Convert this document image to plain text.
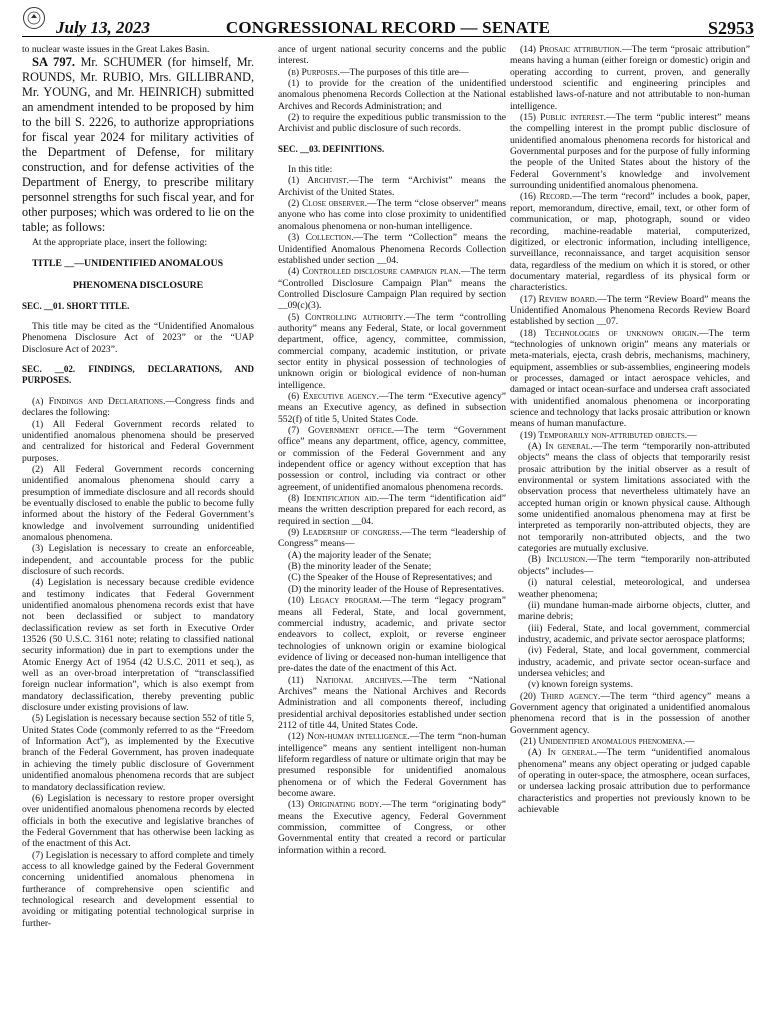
July 13, 2023	CONGRESSIONAL RECORD — SENATE	S2953

to nuclear waste issues in the Great Lakes Basin.

SA 797. Mr. SCHUMER (for himself, Mr. ROUNDS, Mr. RUBIO, Mrs. GILLIBRAND, Mr. YOUNG, and Mr. HEINRICH) submitted an amendment intended to be proposed by him to the bill S. 2226, to authorize appropriations for fiscal year 2024 for military activities of the Department of Defense, for military construction, and for defense activities of the Department of Energy, to prescribe military personnel strengths for such fiscal year, and for other purposes; which was ordered to lie on the table; as follows:

At the appropriate place, insert the following:

TITLE __—UNIDENTIFIED ANOMALOUS

PHENOMENA DISCLOSURE

SEC. __01. SHORT TITLE.

This title may be cited as the “Unidentified Anomalous Phenomena Disclosure Act of 2023” or the “UAP Disclosure Act of 2023”.

SEC. __02. FINDINGS, DECLARATIONS, AND PURPOSES.

(a) Findings and Declarations.—Congress finds and declares the following:

(1) All Federal Government records related to unidentified anomalous phenomena should be preserved and centralized for historical and Federal Government purposes.

(2) All Federal Government records concerning unidentified anomalous phenomena should carry a presumption of immediate disclosure and all records should be eventually disclosed to enable the public to become fully informed about the history of the Federal Government’s knowledge and involvement surrounding unidentified anomalous phenomena.

(3) Legislation is necessary to create an enforceable, independent, and accountable process for the public disclosure of such records.

(4) Legislation is necessary because credible evidence and testimony indicates that Federal Government unidentified anomalous phenomena records exist that have not been declassified or subject to mandatory declassification review as set forth in Executive Order 13526 (50 U.S.C. 3161 note; relating to classified national security information) due in part to exemptions under the Atomic Energy Act of 1954 (42 U.S.C. 2011 et seq.), as well as an over-broad interpretation of “transclassified foreign nuclear information”, which is also exempt from mandatory declassification, thereby preventing public disclosure under existing provisions of law.

(5) Legislation is necessary because section 552 of title 5, United States Code (commonly referred to as the “Freedom of Information Act”), as implemented by the Executive branch of the Federal Government, has proven inadequate in achieving the timely public disclosure of Government unidentified anomalous phenomena records that are subject to mandatory declassification review.

(6) Legislation is necessary to restore proper oversight over unidentified anomalous phenomena records by elected officials in both the executive and legislative branches of the Federal Government that has otherwise been lacking as of the enactment of this Act.

(7) Legislation is necessary to afford complete and timely access to all knowledge gained by the Federal Government concerning unidentified anomalous phenomena in furtherance of comprehensive open scientific and technological research and development essential to avoiding or mitigating potential technological surprise in further-

ance of urgent national security concerns and the public interest.

(b) Purposes.—The purposes of this title are—

(1) to provide for the creation of the unidentified anomalous phenomena Records Collection at the National Archives and Records Administration; and

(2) to require the expeditious public transmission to the Archivist and public disclosure of such records.

SEC. __03. DEFINITIONS.

In this title:

(1) Archivist.—The term “Archivist” means the Archivist of the United States.

(2) Close observer.—The term “close observer” means anyone who has come into close proximity to unidentified anomalous phenomena or non-human intelligence.

(3) Collection.—The term “Collection” means the Unidentified Anomalous Phenomena Records Collection established under section __04.

(4) Controlled disclosure campaign plan.—The term “Controlled Disclosure Campaign Plan” means the Controlled Disclosure Campaign Plan required by section __09(c)(3).

(5) Controlling authority.—The term “controlling authority” means any Federal, State, or local government department, office, agency, committee, commission, commercial company, academic institution, or private sector entity in physical possession of technologies of unknown origin or biological evidence of non-human intelligence.

(6) Executive agency.—The term “Executive agency” means an Executive agency, as defined in subsection 552(f) of title 5, United States Code.

(7) Government office.—The term “Government office” means any department, office, agency, committee, or commission of the Federal Government and any independent office or agency without exception that has possession or control, including via contract or other agreement, of unidentified anomalous phenomena records.

(8) Identification aid.—The term “identification aid” means the written description prepared for each record, as required in section __04.

(9) Leadership of congress.—The term “leadership of Congress” means—

(A) the majority leader of the Senate;

(B) the minority leader of the Senate;

(C) the Speaker of the House of Representatives; and

(D) the minority leader of the House of Representatives.

(10) Legacy program.—The term “legacy program” means all Federal, State, and local government, commercial industry, academic, and private sector endeavors to collect, exploit, or reverse engineer technologies of unknown origin or examine biological evidence of living or deceased non-human intelligence that pre-dates the date of the enactment of this Act.

(11) National archives.—The term “National Archives” means the National Archives and Records Administration and all components thereof, including presidential archival depositories established under section 2112 of title 44, United States Code.

(12) Non-human intelligence.—The term “non-human intelligence” means any sentient intelligent non-human lifeform regardless of nature or ultimate origin that may be presumed responsible for unidentified anomalous phenomena or of which the Federal Government has become aware.

(13) Originating body.—The term “originating body” means the Executive agency, Federal Government commission, committee of Congress, or other Governmental entity that created a record or particular information within a record.

(14) Prosaic attribution.—The term “prosaic attribution” means having a human (either foreign or domestic) origin and operating according to current, proven, and generally understood scientific and engineering principles and established laws-of-nature and not attributable to non-human intelligence.

(15) Public interest.—The term “public interest” means the compelling interest in the prompt public disclosure of unidentified anomalous phenomena records for historical and Governmental purposes and for the purpose of fully informing the people of the United States about the history of the Federal Government’s knowledge and involvement surrounding unidentified anomalous phenomena.

(16) Record.—The term “record” includes a book, paper, report, memorandum, directive, email, text, or other form of communication, or map, photograph, sound or video recording, machine-readable material, computerized, digitized, or electronic information, including intelligence, surveillance, reconnaissance, and target acquisition sensor data, regardless of the medium on which it is stored, or other documentary material, regardless of its physical form or characteristics.

(17) Review board.—The term “Review Board” means the Unidentified Anomalous Phenomena Records Review Board established by section __07.

(18) Technologies of unknown origin.—The term “technologies of unknown origin” means any materials or meta-materials, ejecta, crash debris, mechanisms, machinery, equipment, assemblies or sub-assemblies, engineering models or processes, damaged or intact aerospace vehicles, and damaged or intact ocean-surface and undersea craft associated with unidentified anomalous phenomena or incorporating science and technology that lacks prosaic attribution or known means of human manufacture.

(19) Temporarily non-attributed objects.—

(A) In general.—The term “temporarily non-attributed objects” means the class of objects that temporarily resist prosaic attribution by the initial observer as a result of environmental or system limitations associated with the observation process that nevertheless ultimately have an accepted human origin or known physical cause. Although some unidentified anomalous phenomena may at first be interpreted as temporarily non-attributed objects, they are not temporarily non-attributed objects, and the two categories are mutually exclusive.

(B) Inclusion.—The term “temporarily non-attributed objects” includes—

(i) natural celestial, meteorological, and undersea weather phenomena;

(ii) mundane human-made airborne objects, clutter, and marine debris;

(iii) Federal, State, and local government, commercial industry, academic, and private sector aerospace platforms;

(iv) Federal, State, and local government, commercial industry, academic, and private sector ocean-surface and undersea vehicles; and

(v) known foreign systems.

(20) Third agency.—The term “third agency” means a Government agency that originated a unidentified anomalous phenomena record that is in the possession of another Government agency.

(21) Unidentified anomalous phenomena.—

(A) In general.—The term “unidentified anomalous phenomena” means any object operating or judged capable of operating in outer-space, the atmosphere, ocean surfaces, or undersea lacking prosaic attribution due to performance characteristics and properties not previously known to be achievable
